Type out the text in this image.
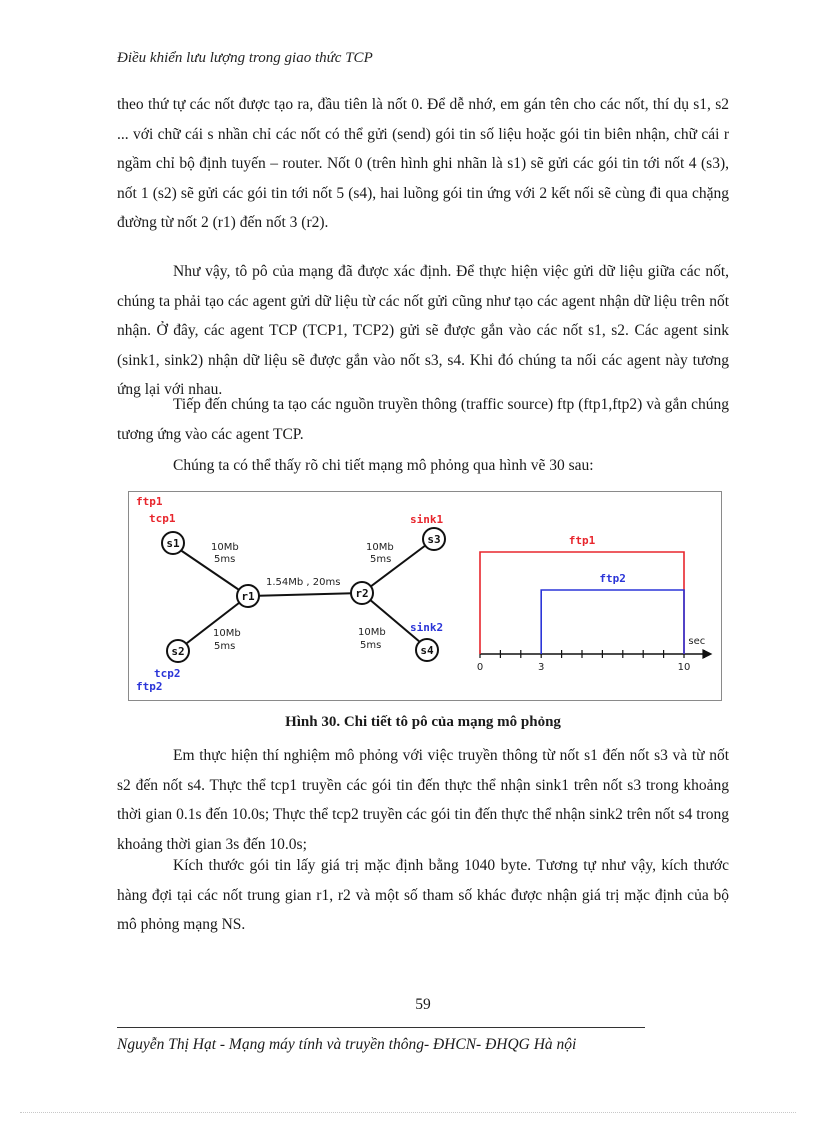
Điều khiển lưu lượng trong giao thức TCP

theo thứ tự các nốt được tạo ra, đầu tiên là nốt 0. Để dễ nhớ, em gán tên cho các nốt, thí dụ s1, s2 ... với chữ cái s nhần chỉ các nốt có thể gửi (send) gói tin số liệu hoặc gói tin biên nhận, chữ cái r ngầm chỉ bộ định tuyến – router. Nốt 0 (trên hình ghi nhãn là s1) sẽ gửi các gói tin tới nốt 4 (s3), nốt 1 (s2) sẽ gửi các gói tin tới nốt 5 (s4), hai luồng gói tin ứng với 2 kết nối sẽ cùng đi qua chặng đường từ nốt 2 (r1) đến nốt 3 (r2).

Như vậy, tô pô của mạng đã được xác định. Để thực hiện việc gửi dữ liệu giữa các nốt, chúng ta phải tạo các agent gửi dữ liệu từ các nốt gửi cũng như tạo các agent nhận dữ liệu trên nốt nhận. Ở đây, các agent TCP (TCP1, TCP2) gửi sẽ được gắn vào các nốt s1, s2. Các agent sink (sink1, sink2) nhận dữ liệu sẽ được gắn vào nốt s3, s4. Khi đó chúng ta nối các agent này tương ứng lại với nhau.

Tiếp đến chúng ta tạo các nguồn truyền thông (traffic source) ftp (ftp1,ftp2) và gắn chúng tương ứng vào các agent TCP.

Chúng ta có thể thấy rõ chi tiết mạng mô phỏng qua hình vẽ 30 sau:

s1
s2
r1	r2
s3
s4
ftp1
tcp1
tcp2
ftp2
sink1
sink2
10Mb
5ms
10Mb
5ms
1.54Mb , 20ms
10Mb
5ms
10Mb
5ms	sec
0	3	10
ftp1
ftp2
Hình 30. Chi tiết tô pô của mạng mô phỏng

Em thực hiện thí nghiệm mô phỏng với việc truyền thông từ nốt s1 đến nốt s3 và từ nốt s2 đến nốt s4. Thực thể tcp1 truyền các gói tin đến thực thể nhận sink1 trên nốt s3 trong khoảng thời gian 0.1s đến 10.0s; Thực thể tcp2 truyền các gói tin đến thực thể nhận sink2 trên nốt s4 trong khoảng thời gian 3s đến 10.0s;

Kích thước gói tin lấy giá trị mặc định bằng 1040 byte. Tương tự như vậy, kích thước hàng đợi tại các nốt trung gian r1, r2 và một số tham số khác được nhận giá trị mặc định của bộ mô phỏng mạng NS.

59
Nguyễn Thị Hạt - Mạng máy tính và truyền thông- ĐHCN- ĐHQG Hà nội
